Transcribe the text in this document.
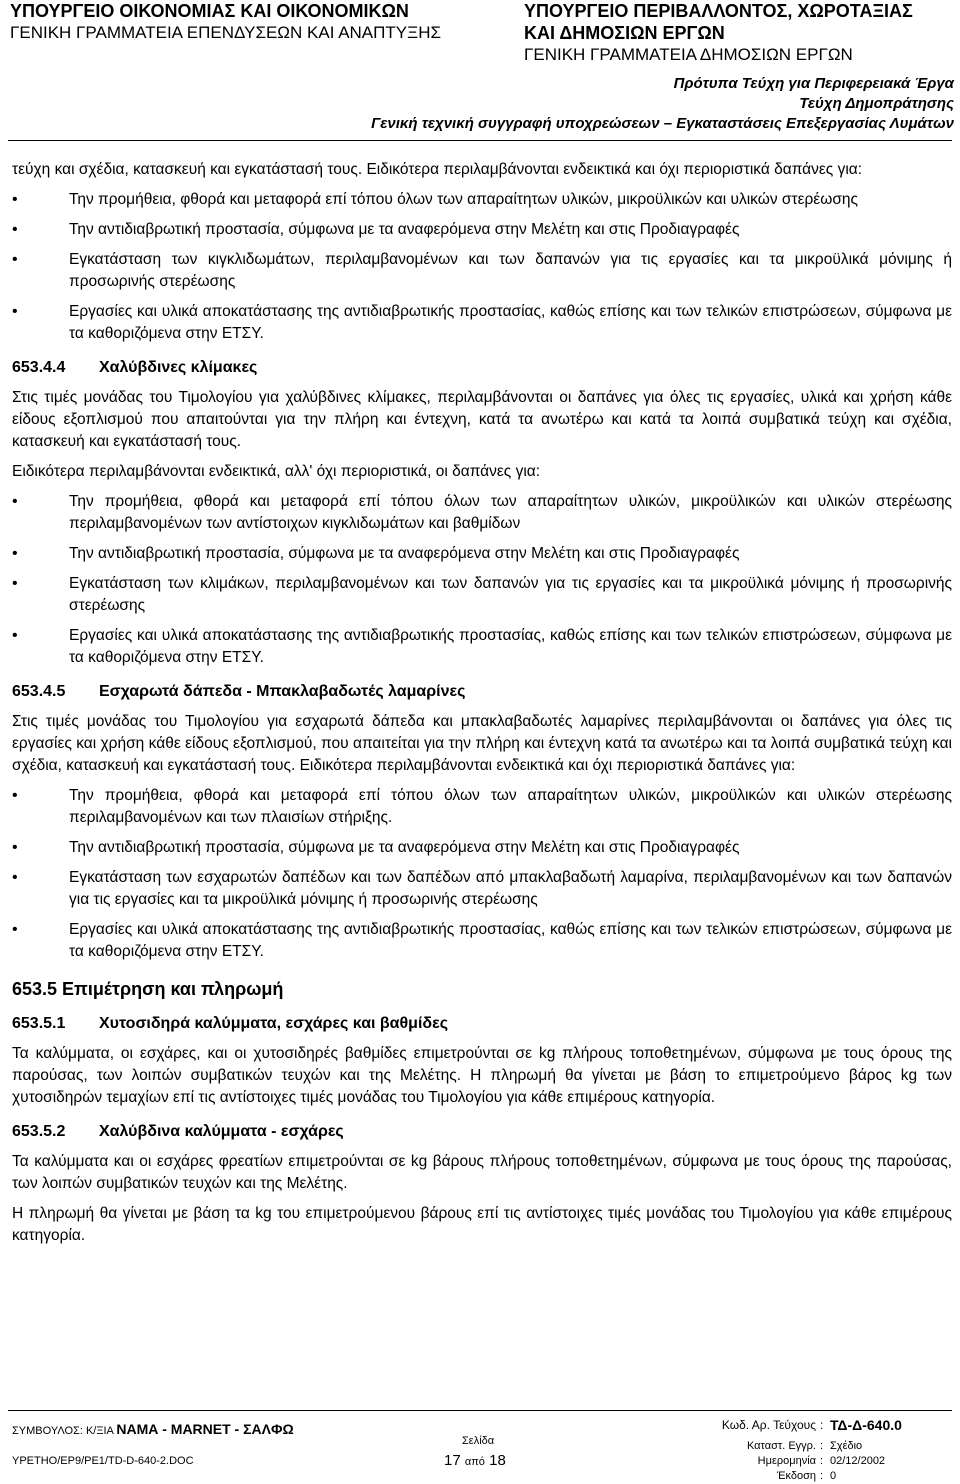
ΥΠΟΥΡΓΕΙΟ ΟΙΚΟΝΟΜΙΑΣ ΚΑΙ ΟΙΚΟΝΟΜΙΚΩΝ
ΓΕΝΙΚΗ ΓΡΑΜΜΑΤΕΙΑ ΕΠΕΝΔΥΣΕΩΝ ΚΑΙ ΑΝΑΠΤΥΞΗΣ
ΥΠΟΥΡΓΕΙΟ ΠΕΡΙΒΑΛΛΟΝΤΟΣ, ΧΩΡΟΤΑΞΙΑΣ
ΚΑΙ ΔΗΜΟΣΙΩΝ ΕΡΓΩΝ
ΓΕΝΙΚΗ ΓΡΑΜΜΑΤΕΙΑ ΔΗΜΟΣΙΩΝ ΕΡΓΩΝ
Πρότυπα Τεύχη για Περιφερειακά Έργα
Τεύχη Δημοπράτησης
Γενική τεχνική συγγραφή υποχρεώσεων – Εγκαταστάσεις Επεξεργασίας Λυμάτων

τεύχη και σχέδια, κατασκευή και εγκατάστασή τους. Ειδικότερα περιλαμβάνονται ενδεικτικά και όχι περιοριστικά δαπάνες για:

• Την προμήθεια, φθορά και μεταφορά επί τόπου όλων των απαραίτητων υλικών, μικροϋλικών και υλικών στερέωσης
• Την αντιδιαβρωτική προστασία, σύμφωνα με τα αναφερόμενα στην Μελέτη και στις Προδιαγραφές
• Εγκατάσταση των κιγκλιδωμάτων, περιλαμβανομένων και των δαπανών για τις εργασίες και τα μικροϋλικά μόνιμης ή προσωρινής στερέωσης
• Εργασίες και υλικά αποκατάστασης της αντιδιαβρωτικής προστασίας, καθώς επίσης και των τελικών επιστρώσεων, σύμφωνα με τα καθοριζόμενα στην ΕΤΣΥ.
653.4.4 Χαλύβδινες κλίμακες

Στις τιμές μονάδας του Τιμολογίου για χαλύβδινες κλίμακες, περιλαμβάνονται οι δαπάνες για όλες τις εργασίες, υλικά και χρήση κάθε είδους εξοπλισμού που απαιτούνται για την πλήρη και έντεχνη, κατά τα ανωτέρω και κατά τα λοιπά συμβατικά τεύχη και σχέδια, κατασκευή και εγκατάστασή τους.

Ειδικότερα περιλαμβάνονται ενδεικτικά, αλλ' όχι περιοριστικά, οι δαπάνες για:

• Την προμήθεια, φθορά και μεταφορά επί τόπου όλων των απαραίτητων υλικών, μικροϋλικών και υλικών στερέωσης περιλαμβανομένων των αντίστοιχων κιγκλιδωμάτων και βαθμίδων
• Την αντιδιαβρωτική προστασία, σύμφωνα με τα αναφερόμενα στην Μελέτη και στις Προδιαγραφές
• Εγκατάσταση των κλιμάκων, περιλαμβανομένων και των δαπανών για τις εργασίες και τα μικροϋλικά μόνιμης ή προσωρινής στερέωσης
• Εργασίες και υλικά αποκατάστασης της αντιδιαβρωτικής προστασίας, καθώς επίσης και των τελικών επιστρώσεων, σύμφωνα με τα καθοριζόμενα στην ΕΤΣΥ.
653.4.5 Εσχαρωτά δάπεδα - Μπακλαβαδωτές λαμαρίνες

Στις τιμές μονάδας του Τιμολογίου για εσχαρωτά δάπεδα και μπακλαβαδωτές λαμαρίνες περιλαμβάνονται οι δαπάνες για όλες τις εργασίες και χρήση κάθε είδους εξοπλισμού, που απαιτείται για την πλήρη και έντεχνη κατά τα ανωτέρω και τα λοιπά συμβατικά τεύχη και σχέδια, κατασκευή και εγκατάστασή τους. Ειδικότερα περιλαμβάνονται ενδεικτικά και όχι περιοριστικά δαπάνες για:

• Την προμήθεια, φθορά και μεταφορά επί τόπου όλων των απαραίτητων υλικών, μικροϋλικών και υλικών στερέωσης περιλαμβανομένων και των πλαισίων στήριξης.
• Την αντιδιαβρωτική προστασία, σύμφωνα με τα αναφερόμενα στην Μελέτη και στις Προδιαγραφές
• Εγκατάσταση των εσχαρωτών δαπέδων και των δαπέδων από μπακλαβαδωτή λαμαρίνα, περιλαμβανομένων και των δαπανών για τις εργασίες και τα μικροϋλικά μόνιμης ή προσωρινής στερέωσης
• Εργασίες και υλικά αποκατάστασης της αντιδιαβρωτικής προστασίας, καθώς επίσης και των τελικών επιστρώσεων, σύμφωνα με τα καθοριζόμενα στην ΕΤΣΥ.
653.5 Επιμέτρηση και πληρωμή
653.5.1 Χυτοσιδηρά καλύμματα, εσχάρες και βαθμίδες

Τα καλύμματα, οι εσχάρες, και οι χυτοσιδηρές βαθμίδες επιμετρούνται σε kg πλήρους τοποθετημένων, σύμφωνα με τους όρους της παρούσας, των λοιπών συμβατικών τευχών και της Μελέτης. Η πληρωμή θα γίνεται με βάση το επιμετρούμενο βάρος kg των χυτοσιδηρών τεμαχίων επί τις αντίστοιχες τιμές μονάδας του Τιμολογίου για κάθε επιμέρους κατηγορία.

653.5.2 Χαλύβδινα καλύμματα - εσχάρες

Τα καλύμματα και οι εσχάρες φρεατίων επιμετρούνται σε kg βάρους πλήρους τοποθετημένων, σύμφωνα με τους όρους της παρούσας, των λοιπών συμβατικών τευχών και της Μελέτης.

Η πληρωμή θα γίνεται με βάση τα kg του επιμετρούμενου βάρους επί τις αντίστοιχες τιμές μονάδας του Τιμολογίου για κάθε επιμέρους κατηγορία.

ΣΥΜΒΟΥΛΟΣ: Κ/ΞΙΑ ΝΑΜΑ - MARNET - ΣΑΛΦΩ
ΥΡΕΤΗΟ/ΕΡ9/ΡΕ1/ΤD-D-640-2.DOC
Σελίδα
17 από 18
Κωδ. Αρ. Τεύχους : ΤΔ-Δ-640.0
Καταστ. Εγγρ. : Σχέδιο
Ημερομηνία : 02/12/2002
Έκδοση : 0
